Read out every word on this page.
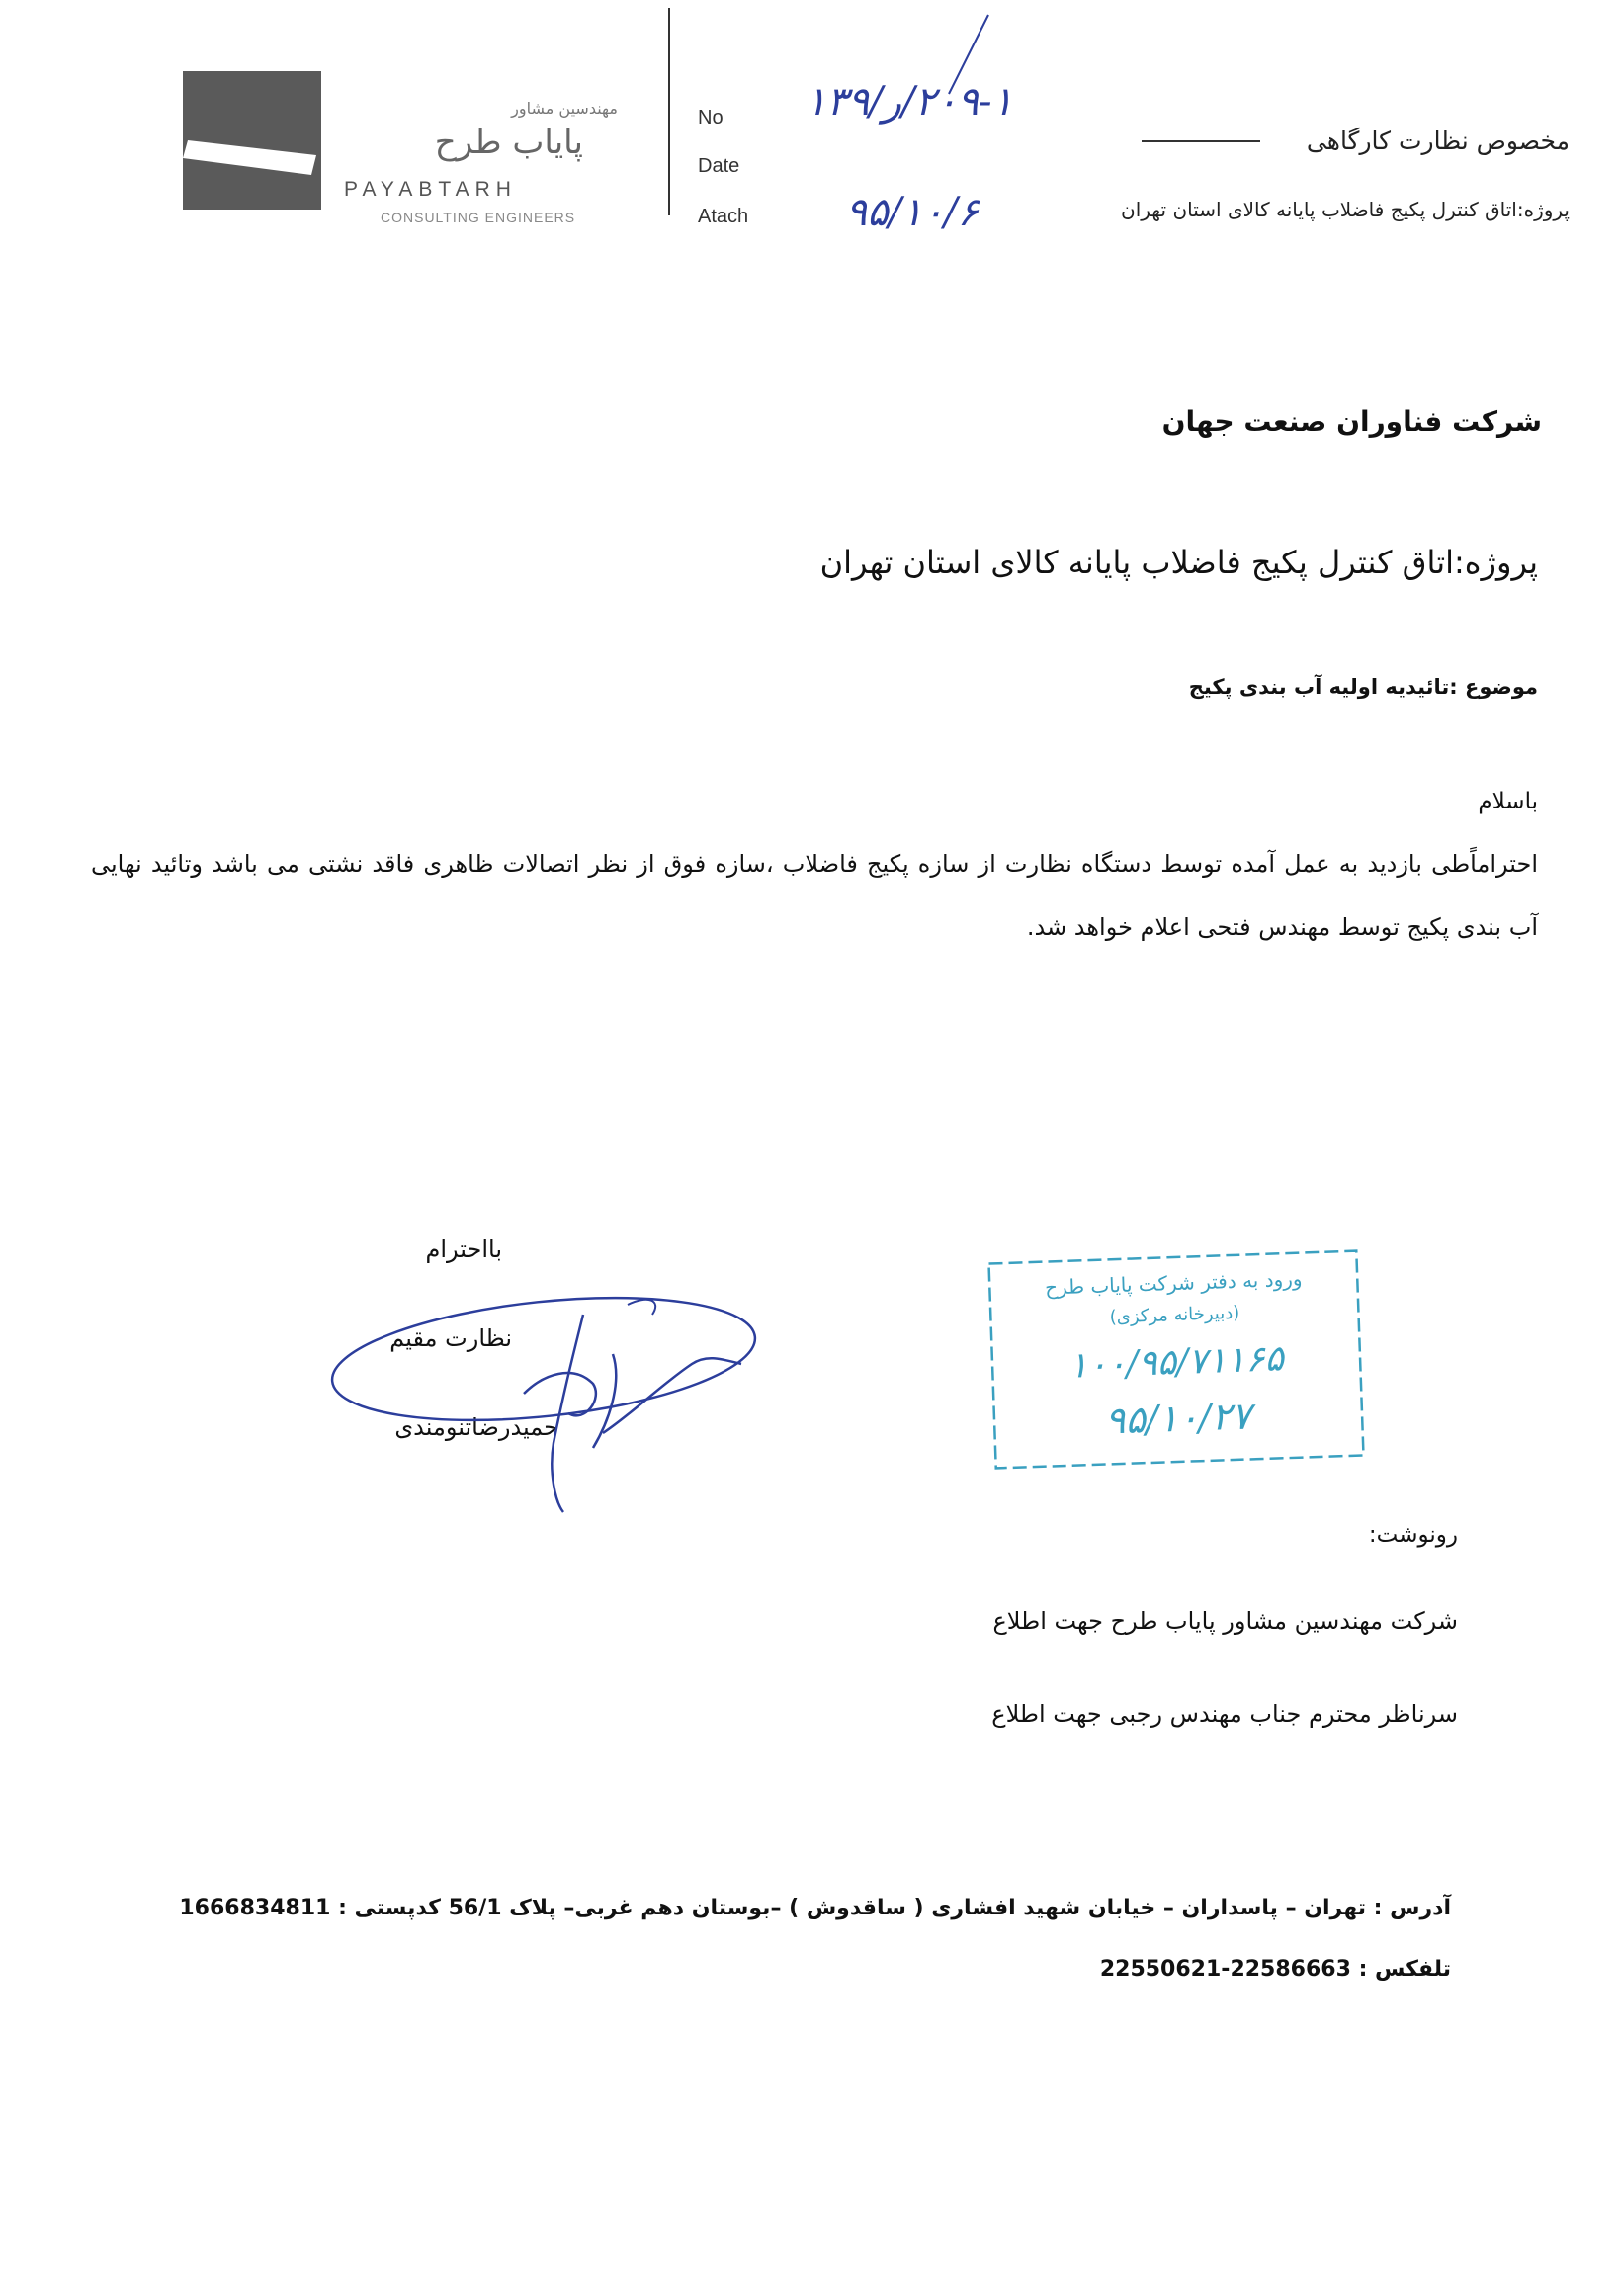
مهندسین مشاور
پایاب طرح
PAYABTARH
CONSULTING ENGINEERS
No
Date
Atach
۲۰۹-۱/ر/۱۳۹
۹۵/۱۰/۶
مخصوص نظارت کارگاهی
پروژه:اتاق کنترل پکیج فاضلاب پایانه کالای استان تهران
شرکت فناوران صنعت جهان
پروژه:اتاق کنترل پکیج فاضلاب پایانه کالای استان تهران
موضوع :تائیدیه اولیه آب بندی پکیج
باسلام
احتراماًطی بازدید به عمل آمده توسط دستگاه نظارت از سازه پکیج فاضلاب ،سازه فوق از نظر اتصالات ظاهری فاقد نشتی می باشد وتائید نهایی آب بندی پکیج توسط مهندس فتحی اعلام خواهد شد.
بااحترام
نظارت مقیم
حمیدرضاتنومندی
ورود به دفتر شرکت پایاب طرح
(دبیرخانه مرکزی)
۱۰۰/۹۵/۷۱۱۶۵
۹۵/۱۰/۲۷
رونوشت:
شرکت مهندسین مشاور پایاب طرح جهت اطلاع
سرناظر محترم جناب مهندس رجبی جهت اطلاع
آدرس : تهران – پاسداران – خیابان شهید افشاری ( ساقدوش ) –بوستان دهم غربی– پلاک 56/1 کدپستی : 1666834811
تلفکس : 22586663-22550621
